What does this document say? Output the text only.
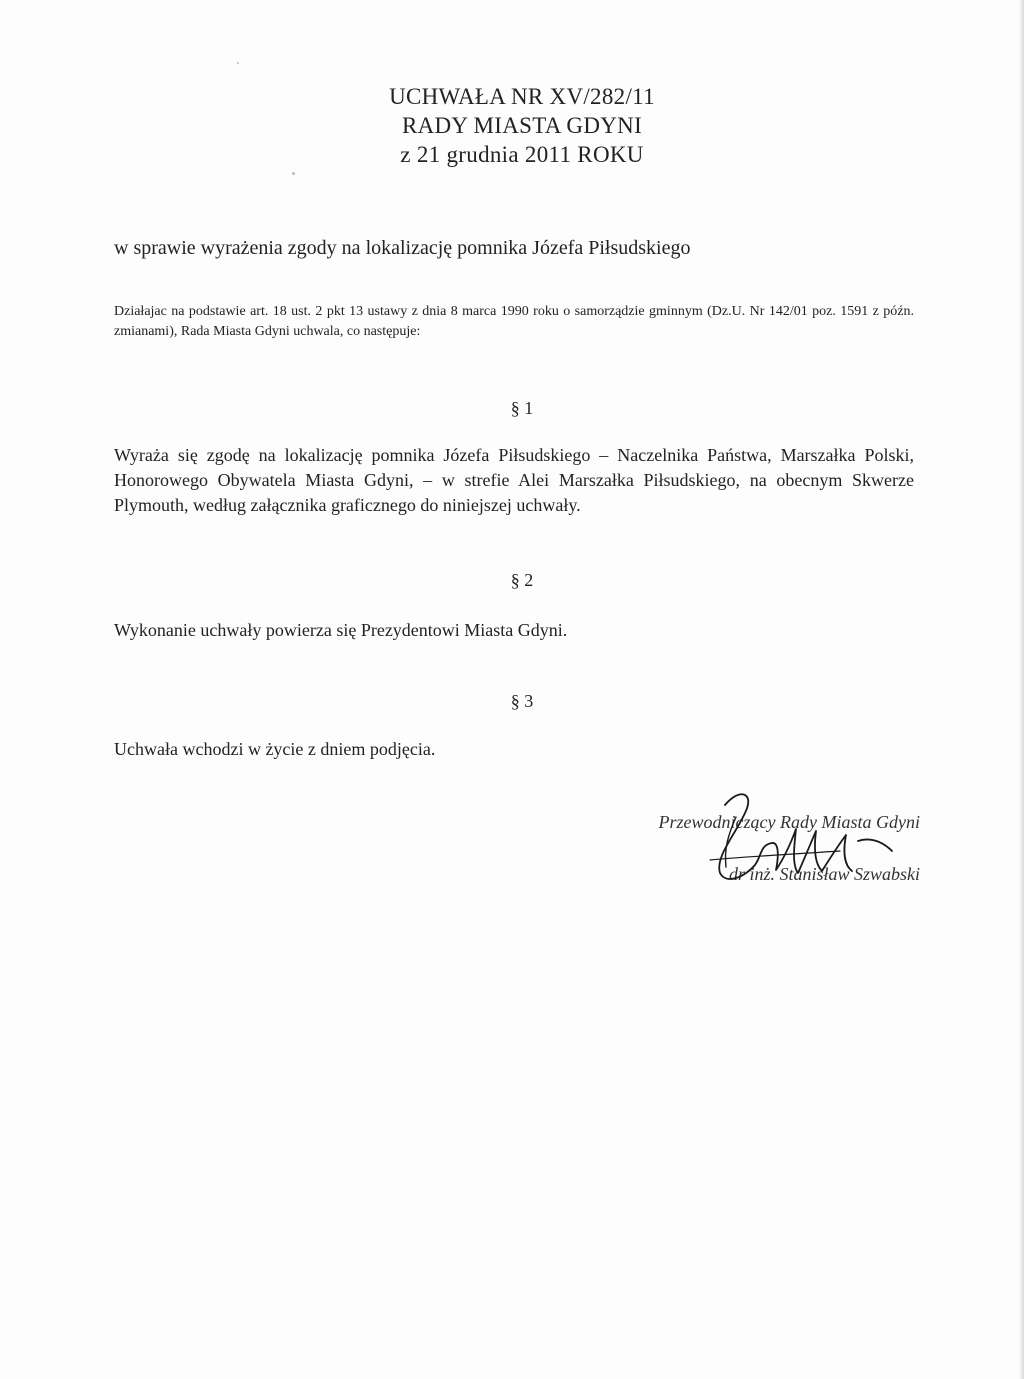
UCHWAŁA NR XV/282/11
RADY MIASTA GDYNI
z 21 grudnia 2011 ROKU
w sprawie wyrażenia zgody na lokalizację pomnika Józefa Piłsudskiego
Działajac na podstawie art. 18 ust. 2 pkt 13 ustawy z dnia 8 marca 1990 roku o samorządzie gminnym (Dz.U. Nr 142/01 poz. 1591 z późn. zmianami), Rada Miasta Gdyni uchwala, co następuje:
§ 1
Wyraża się zgodę na lokalizację pomnika Józefa Piłsudskiego – Naczelnika Państwa, Marszałka Polski, Honorowego Obywatela Miasta Gdyni, – w strefie Alei Marszałka Piłsudskiego, na obecnym Skwerze Plymouth, według załącznika graficznego do niniejszej uchwały.
§ 2
Wykonanie uchwały powierza się Prezydentowi Miasta Gdyni.
§ 3
Uchwała wchodzi w życie z dniem podjęcia.
Przewodniczący Rady Miasta Gdyni
dr inż. Stanisław Szwabski
